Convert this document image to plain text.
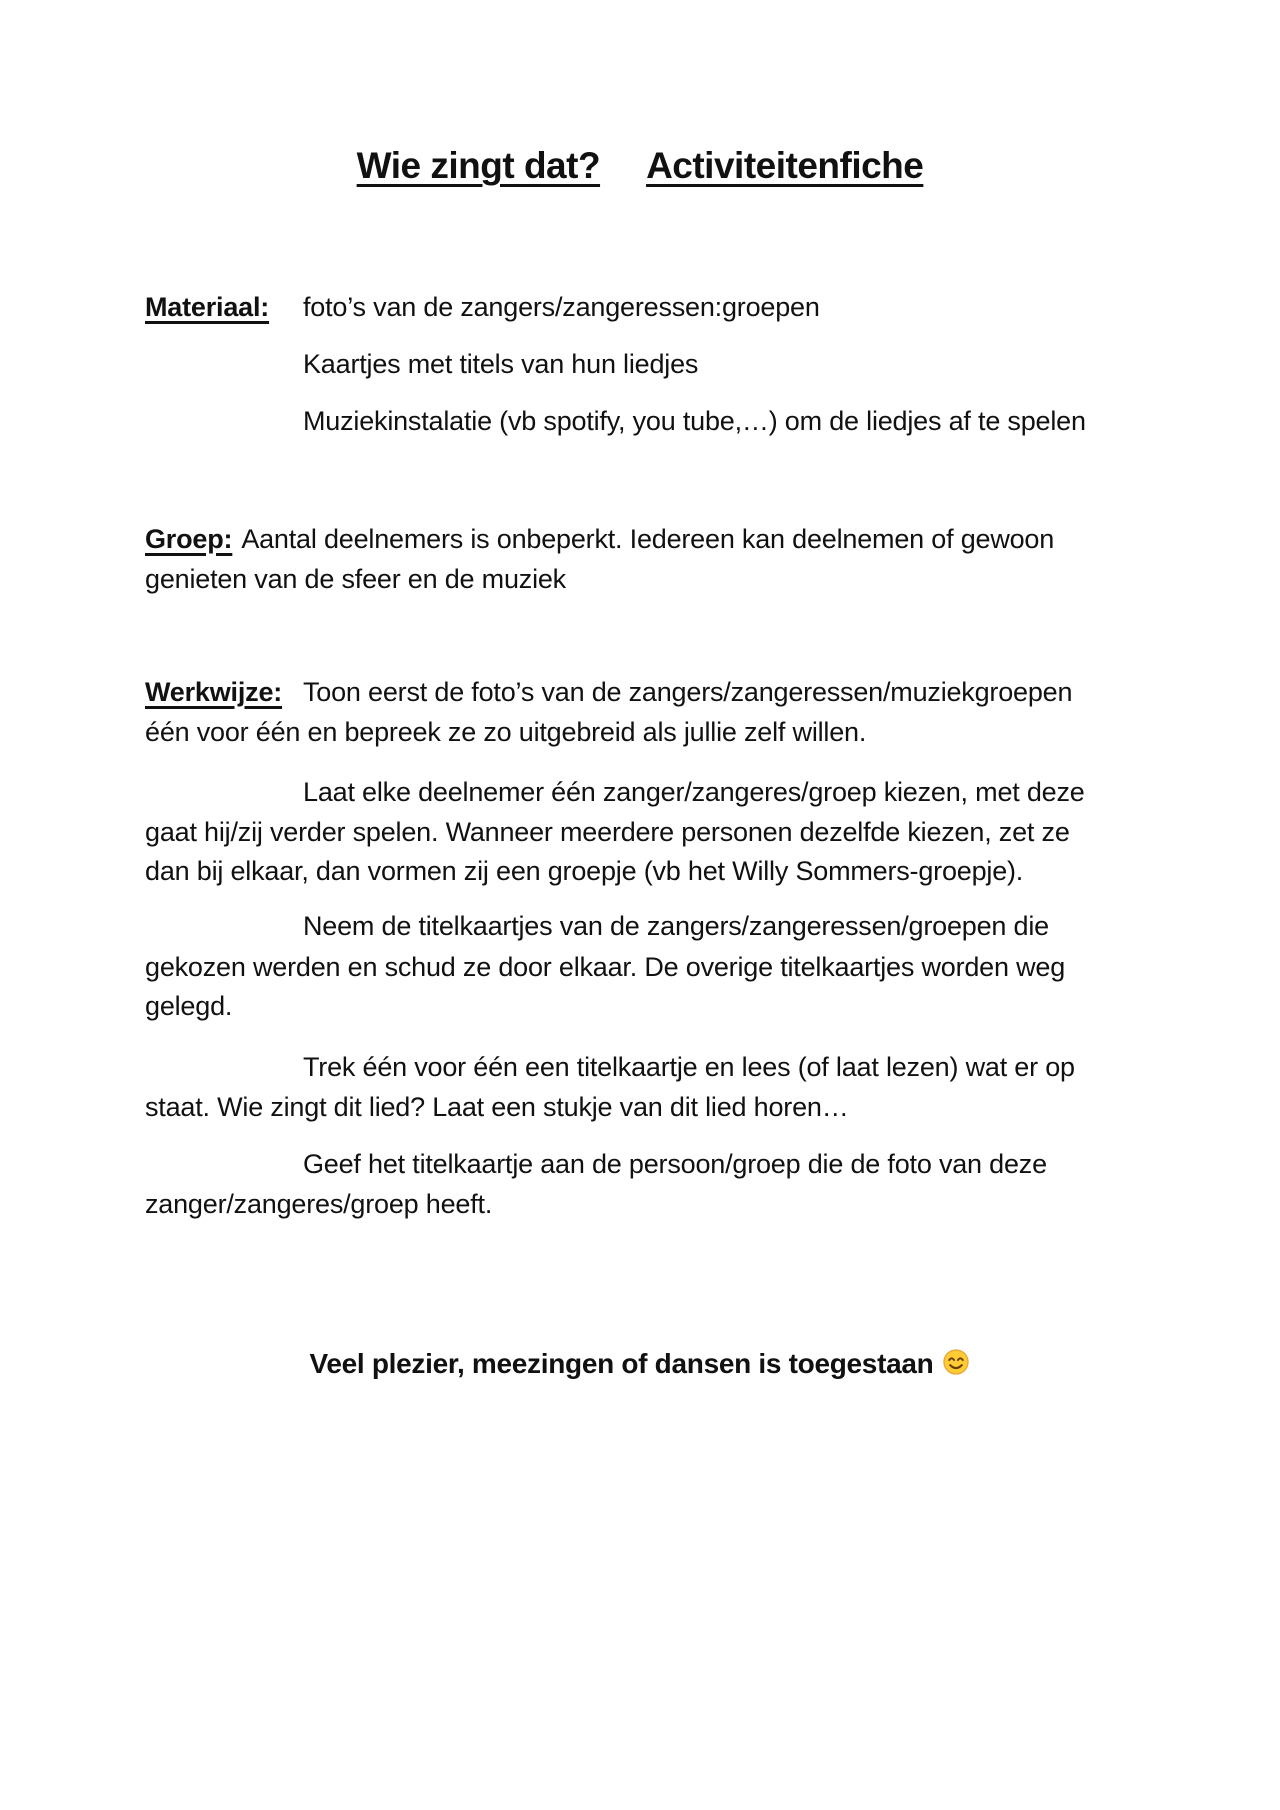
Wie zingt dat? Activiteitenfiche
Materiaal: foto’s van de zangers/zangeressen:groepen
Kaartjes met titels van hun liedjes
Muziekinstalatie (vb spotify, you tube,…) om de liedjes af te spelen
Groep: Aantal deelnemers is onbeperkt. Iedereen kan deelnemen of gewoon
genieten van de sfeer en de muziek
Werkwijze: Toon eerst de foto’s van de zangers/zangeressen/muziekgroepen
één voor één en bepreek ze zo uitgebreid als jullie zelf willen.
Laat elke deelnemer één zanger/zangeres/groep kiezen, met deze
gaat hij/zij verder spelen. Wanneer meerdere personen dezelfde kiezen, zet ze
dan bij elkaar, dan vormen zij een groepje (vb het Willy Sommers-groepje).
Neem de titelkaartjes van de zangers/zangeressen/groepen die
gekozen werden en schud ze door elkaar. De overige titelkaartjes worden weg
gelegd.
Trek één voor één een titelkaartje en lees (of laat lezen) wat er op
staat. Wie zingt dit lied? Laat een stukje van dit lied horen…
Geef het titelkaartje aan de persoon/groep die de foto van deze
zanger/zangeres/groep heeft.
Veel plezier, meezingen of dansen is toegestaan
